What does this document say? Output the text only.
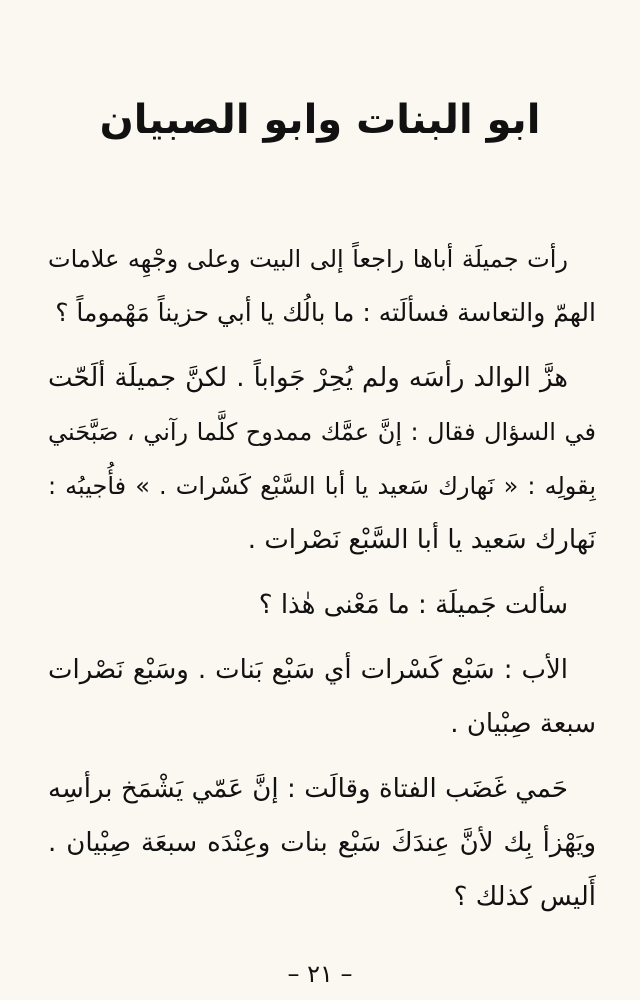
ابو البنات وابو الصبيان
رأت جميلَة أباها راجعاً إلى البيت وعلى وجْهِه علامات
الهمّ والتعاسة فسألَته : ما بالُك يا أبي حزيناً مَهْموماً ؟
هزَّ الوالد رأسَه ولم يُحِرْ جَواباً . لكنَّ جميلَة ألَحّت
في السؤال فقال : إنَّ عمَّك ممدوح كلَّما رآني ، صَبَّحَني
بِقولِه : « نَهارك سَعيد يا أبا السَّبْع كَسْرات . » فأُجيبُه :
نَهارك سَعيد يا أبا السَّبْع نَصْرات .
سألت جَميلَة : ما مَعْنى هٰذا ؟
الأب : سَبْع كَسْرات أي سَبْع بَنات . وسَبْع نَصْرات
سبعة صِبْيان .
حَمي غَضَب الفتاة وقالَت : إنَّ عَمّي يَشْمَخ برأسِه
ويَهْزأ بِك لأنَّ عِندَكَ سَبْع بنات وعِنْدَه سبعَة صِبْيان .
أَليس كذلك ؟
– ٢١ –
